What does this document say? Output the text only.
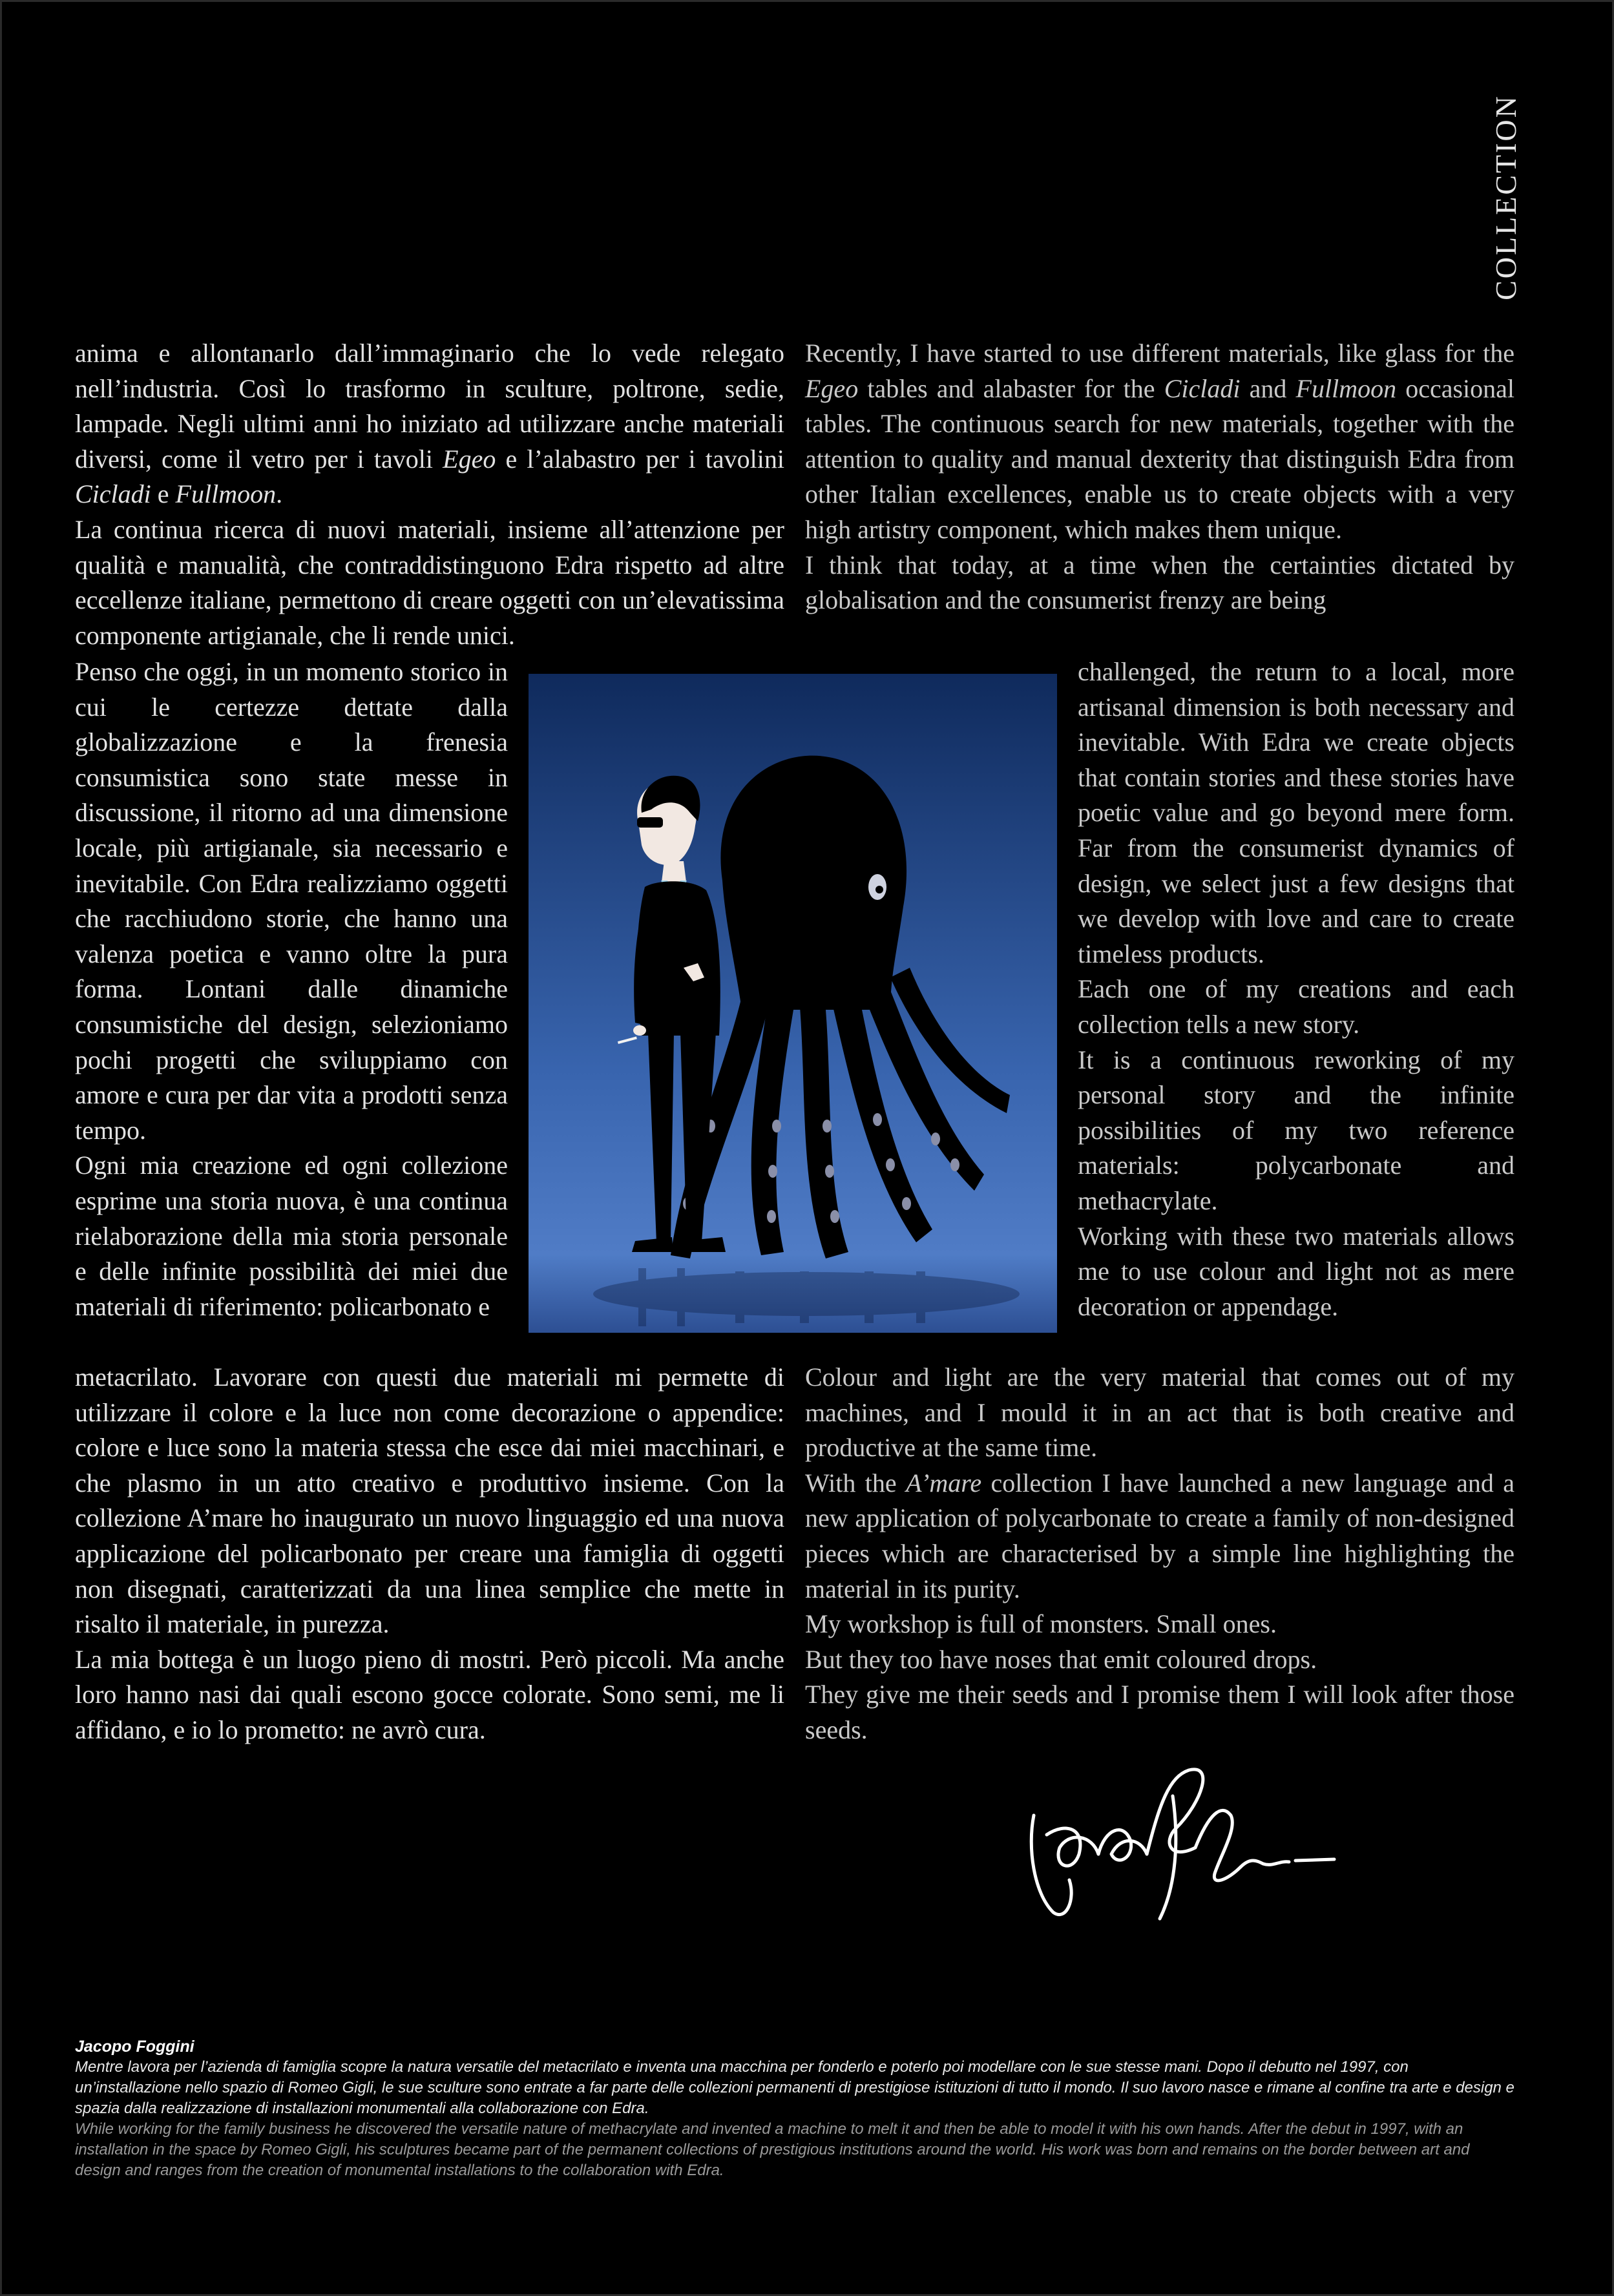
COLLECTION

anima e allontanarlo dall’immaginario che lo vede relegato nell’industria. Così lo trasformo in sculture, poltrone, sedie, lampade. Negli ultimi anni ho iniziato ad utilizzare anche materiali diversi, come il vetro per i tavoli Egeo e l’alabastro per i tavolini Cicladi e Fullmoon.

La continua ricerca di nuovi materiali, insieme all’attenzione per qualità e manualità, che contraddistinguono Edra rispetto ad altre eccellenze italiane, permettono di creare oggetti con un’elevatissima componente artigianale, che li rende unici.

Penso che oggi, in un momento storico in cui le certezze dettate dalla globalizzazione e la frenesia consumistica sono state messe in discussione, il ritorno ad una dimensione locale, più artigianale, sia necessario e inevitabile. Con Edra realizziamo oggetti che racchiudono storie, che hanno una valenza poetica e vanno oltre la pura forma. Lontani dalle dinamiche consumistiche del design, selezioniamo pochi progetti che sviluppiamo con amore e cura per dar vita a prodotti senza tempo.

Ogni mia creazione ed ogni collezione esprime una storia nuova, è una continua rielaborazione della mia storia personale e delle infinite possibilità dei miei due materiali di riferimento: policarbonato e

metacrilato. Lavorare con questi due materiali mi permette di utilizzare il colore e la luce non come decorazione o appendice: colore e luce sono la materia stessa che esce dai miei macchinari, e che plasmo in un atto creativo e produttivo insieme. Con la collezione A’mare ho inaugurato un nuovo linguaggio ed una nuova applicazione del policarbonato per creare una famiglia di oggetti non disegnati, caratterizzati da una linea semplice che mette in risalto il materiale, in purezza.

La mia bottega è un luogo pieno di mostri. Però piccoli. Ma anche loro hanno nasi dai quali escono gocce colorate. Sono semi, me li affidano, e io lo prometto: ne avrò cura.

Recently, I have started to use different materials, like glass for the Egeo tables and alabaster for the Cicladi and Fullmoon occasional tables. The continuous search for new materials, together with the attention to quality and manual dexterity that distinguish Edra from other Italian excellences, enable us to create objects with a very high artistry component, which makes them unique.

I think that today, at a time when the certainties dictated by globalisation and the consumerist frenzy are being

challenged, the return to a local, more artisanal dimension is both necessary and inevitable. With Edra we create objects that contain stories and these stories have poetic value and go beyond mere form. Far from the consumerist dynamics of design, we select just a few designs that we develop with love and care to create timeless products.

Each one of my creations and each collection tells a new story.

It is a continuous reworking of my personal story and the infinite possibilities of my two reference materials: polycarbonate and methacrylate.

Working with these two materials allows me to use colour and light not as mere decoration or appendage.

Colour and light are the very material that comes out of my machines, and I mould it in an act that is both creative and productive at the same time.

With the A’mare collection I have launched a new language and a new application of polycarbonate to create a family of non-designed pieces which are characterised by a simple line highlighting the material in its purity.

My workshop is full of monsters. Small ones.

But they too have noses that emit coloured drops.

They give me their seeds and I promise them I will look after those seeds.

Jacopo Foggini

Mentre lavora per l’azienda di famiglia scopre la natura versatile del metacrilato e inventa una macchina per fonderlo e poterlo poi modellare con le sue stesse mani. Dopo il debutto nel 1997, con un’installazione nello spazio di Romeo Gigli, le sue sculture sono entrate a far parte delle collezioni permanenti di prestigiose istituzioni di tutto il mondo. Il suo lavoro nasce e rimane al confine tra arte e design e spazia dalla realizzazione di installazioni monumentali alla collaborazione con Edra.

While working for the family business he discovered the versatile nature of methacrylate and invented a machine to melt it and then be able to model it with his own hands. After the debut in 1997, with an installation in the space by Romeo Gigli, his sculptures became part of the permanent collections of prestigious institutions around the world. His work was born and remains on the border between art and design and ranges from the creation of monumental installations to the collaboration with Edra.
